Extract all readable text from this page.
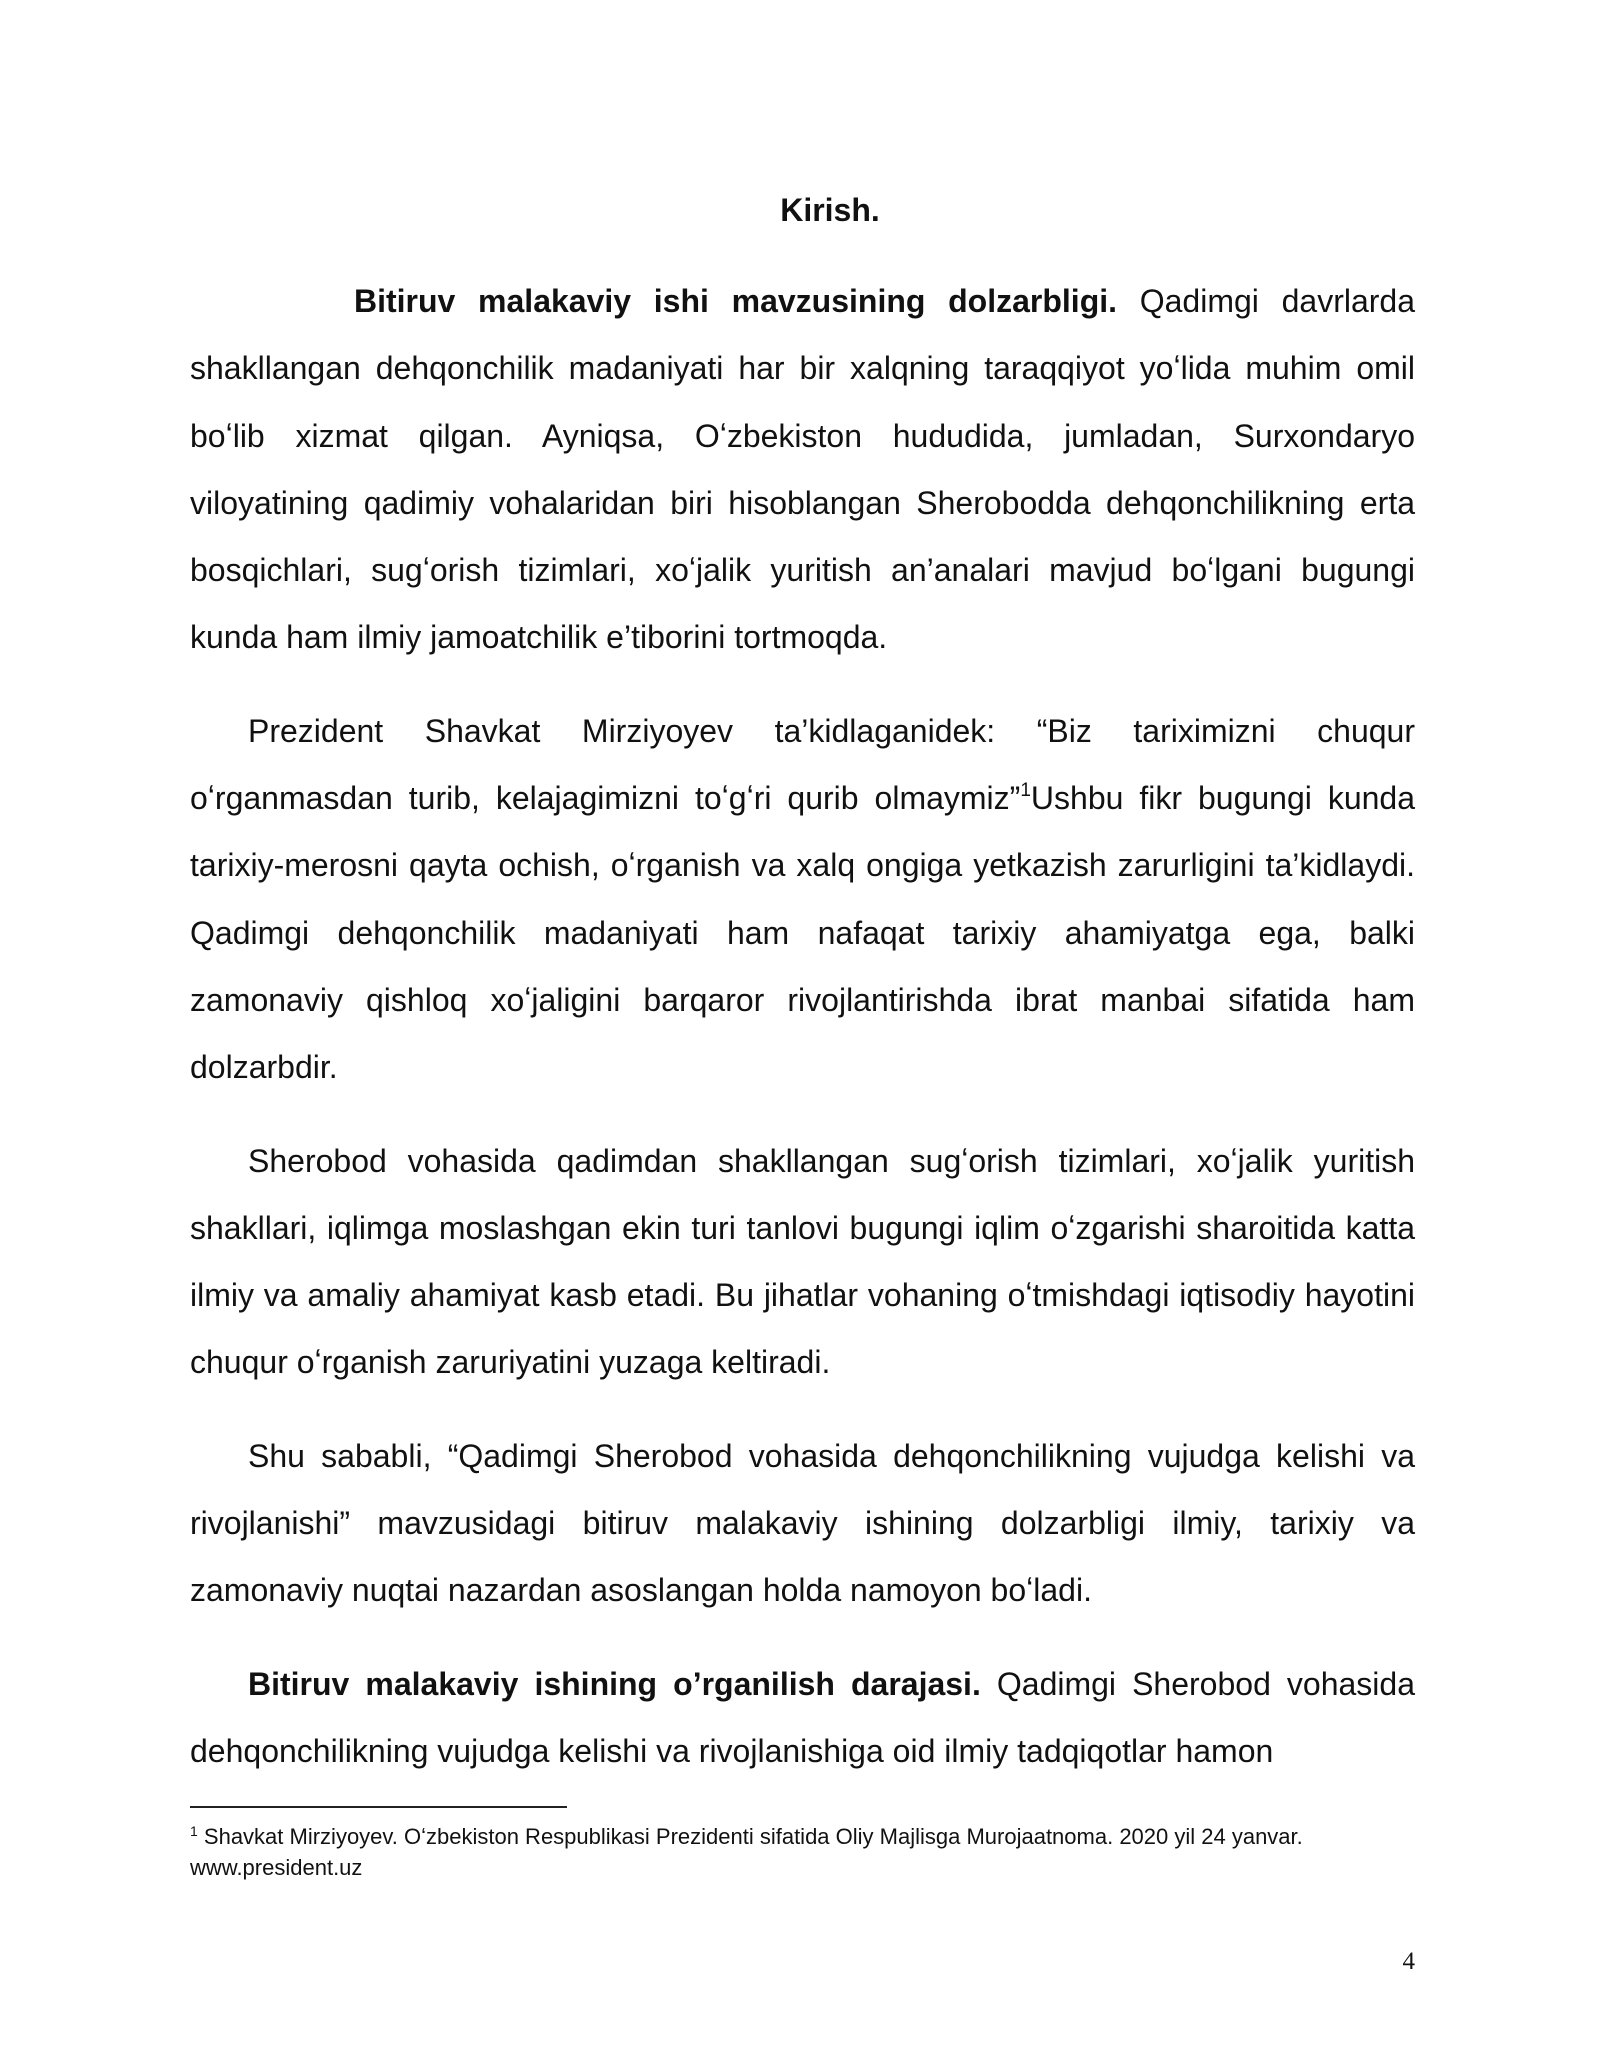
Kirish.

Bitiruv malakaviy ishi mavzusining dolzarbligi. Qadimgi davrlarda shakllangan dehqonchilik madaniyati har bir xalqning taraqqiyot yoʻlida muhim omil boʻlib xizmat qilgan. Ayniqsa, Oʻzbekiston hududida, jumladan, Surxondaryo viloyatining qadimiy vohalaridan biri hisoblangan Sherobodda dehqonchilikning erta bosqichlari, sugʻorish tizimlari, xoʻjalik yuritish an’analari mavjud boʻlgani bugungi kunda ham ilmiy jamoatchilik e’tiborini tortmoqda.

Prezident Shavkat Mirziyoyev ta’kidlaganidek: “Biz tariximizni chuqur oʻrganmasdan turib, kelajagimizni toʻgʻri qurib olmaymiz”$^1$Ushbu fikr bugungi kunda tarixiy-merosni qayta ochish, oʻrganish va xalq ongiga yetkazish zarurligini ta’kidlaydi. Qadimgi dehqonchilik madaniyati ham nafaqat tarixiy ahamiyatga ega, balki zamonaviy qishloq xoʻjaligini barqaror rivojlantirishda ibrat manbai sifatida ham dolzarbdir.

Sherobod vohasida qadimdan shakllangan sugʻorish tizimlari, xoʻjalik yuritish shakllari, iqlimga moslashgan ekin turi tanlovi bugungi iqlim oʻzgarishi sharoitida katta ilmiy va amaliy ahamiyat kasb etadi. Bu jihatlar vohaning oʻtmishdagi iqtisodiy hayotini chuqur oʻrganish zaruriyatini yuzaga keltiradi.

Shu sababli, “Qadimgi Sherobod vohasida dehqonchilikning vujudga kelishi va rivojlanishi” mavzusidagi bitiruv malakaviy ishining dolzarbligi ilmiy, tarixiy va zamonaviy nuqtai nazardan asoslangan holda namoyon boʻladi.

Bitiruv malakaviy ishining o’rganilish darajasi. Qadimgi Sherobod vohasida dehqonchilikning vujudga kelishi va rivojlanishiga oid ilmiy tadqiqotlar hamon

$^1$ Shavkat Mirziyoyev. Oʻzbekiston Respublikasi Prezidenti sifatida Oliy Majlisga Murojaatnoma. 2020 yil 24 yanvar. www.president.uz
4
